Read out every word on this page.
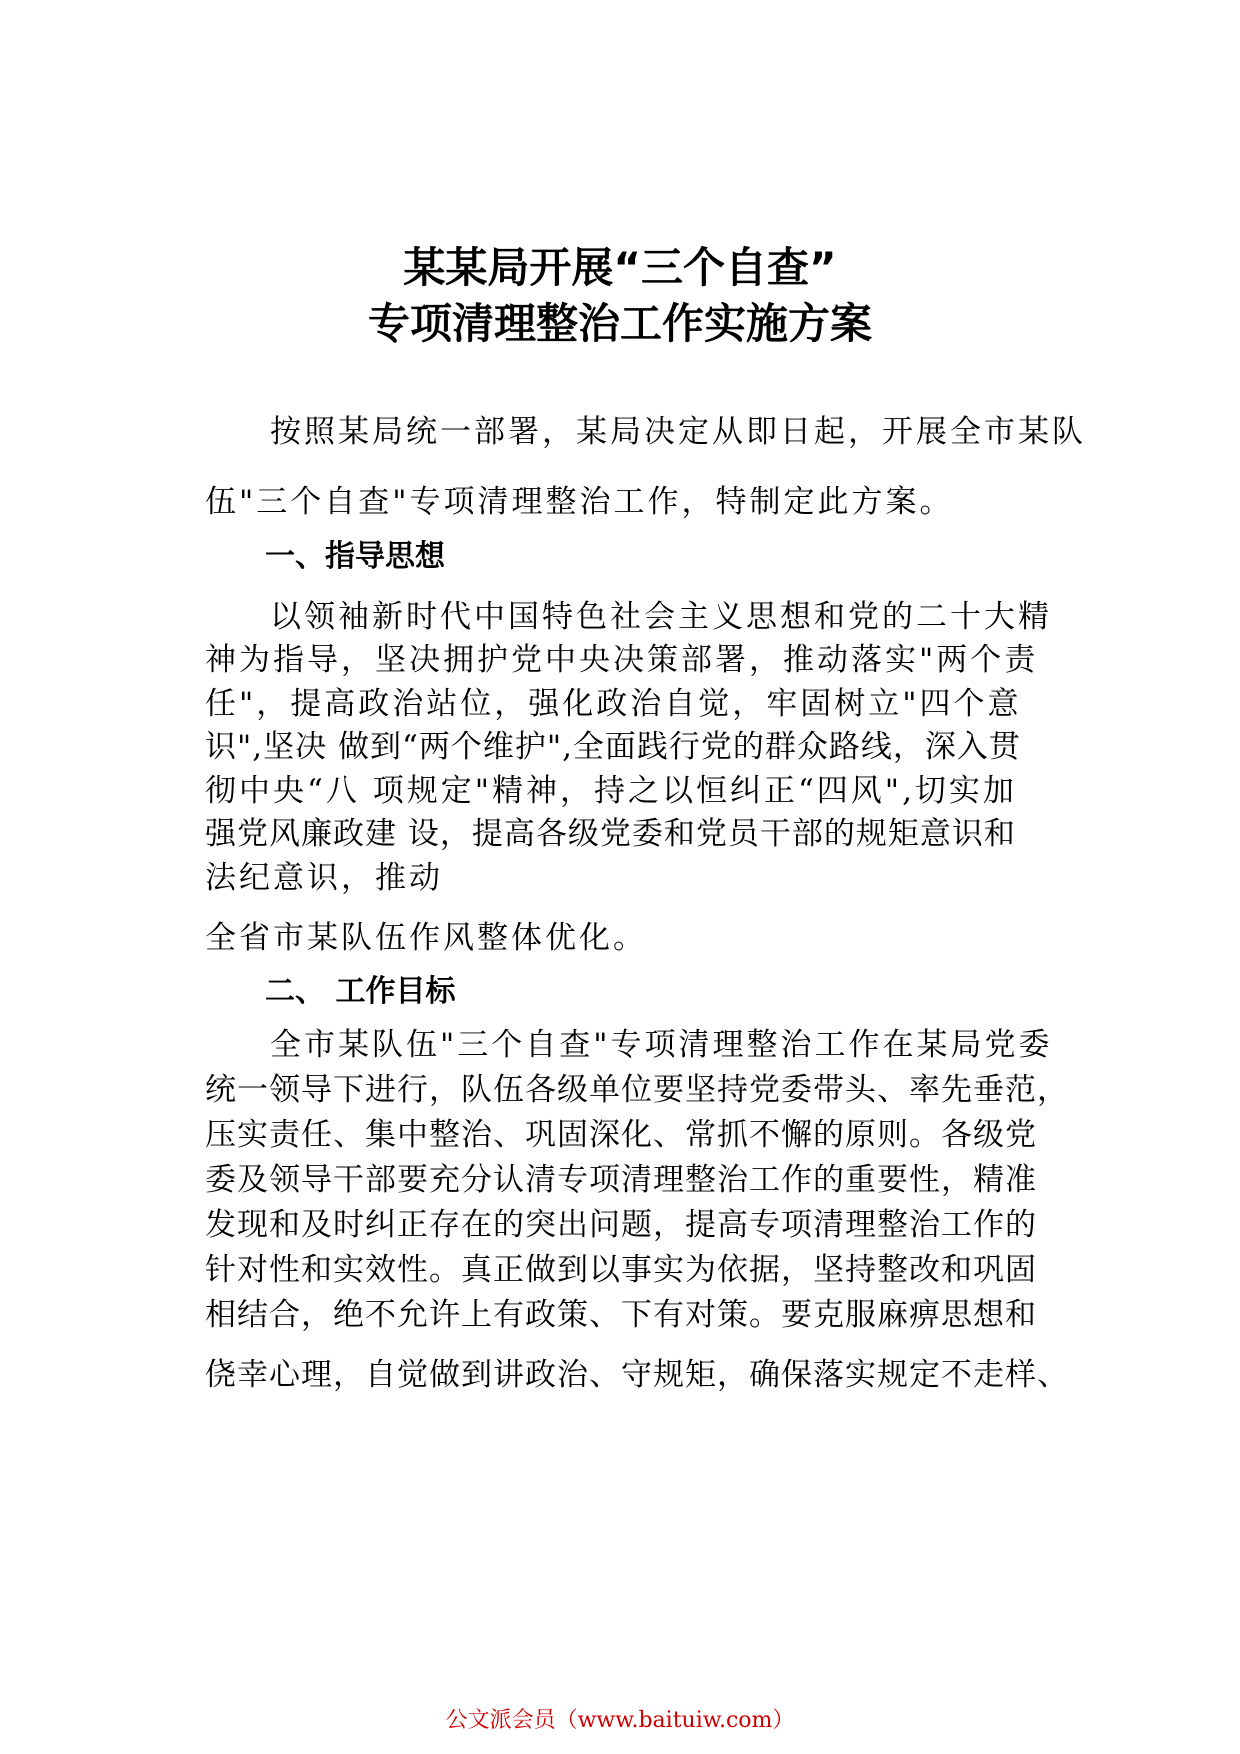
某某局开展“三个自查”
专项清理整治工作实施方案
按照某局统一部署，某局决定从即日起，开展全市某队
伍"三个自查"专项清理整治工作，特制定此方案。
一、指导思想
以领袖新时代中国特色社会主义思想和党的二十大精
神为指导，坚决拥护党中央决策部署，推动落实"两个责
任"，提高政治站位，强化政治自觉，牢固树立"四个意
识",坚决 做到“两个维护",全面践行党的群众路线，深入贯
彻中央“八 项规定"精神，持之以恒纠正“四风",切实加
强党风廉政建 设，提高各级党委和党员干部的规矩意识和
法纪意识，推动
全省市某队伍作风整体优化。
二、 工作目标
全市某队伍"三个自查"专项清理整治工作在某局党委
统一领导下进行，队伍各级单位要坚持党委带头、率先垂范，
压实责任、集中整治、巩固深化、常抓不懈的原则。各级党
委及领导干部要充分认清专项清理整治工作的重要性，精准
发现和及时纠正存在的突出问题，提高专项清理整治工作的
针对性和实效性。真正做到以事实为依据，坚持整改和巩固
相结合，绝不允许上有政策、下有对策。要克服麻痹思想和
侥幸心理，自觉做到讲政治、守规矩，确保落实规定不走样、
公文派会员（www.baituiw.com）
